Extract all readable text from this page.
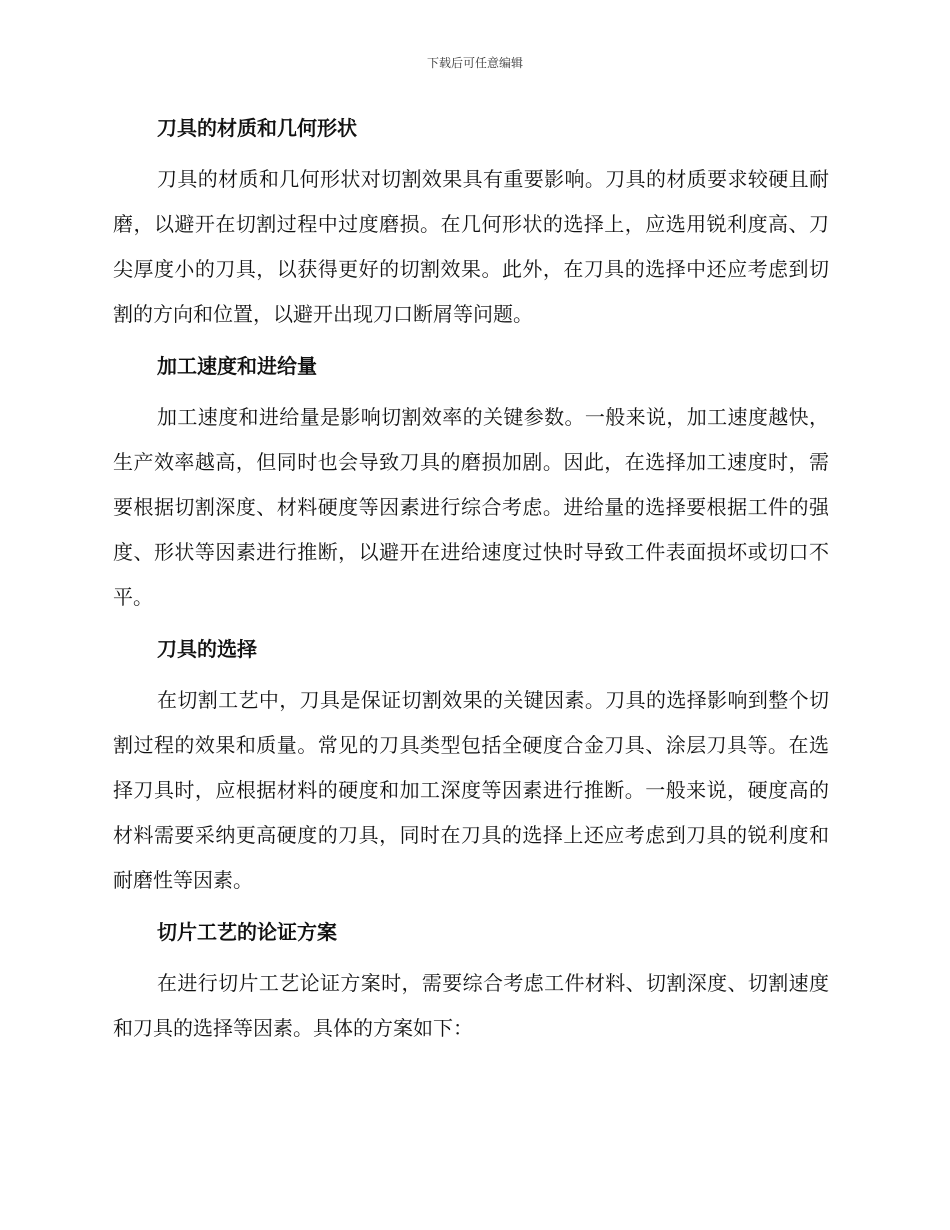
下载后可任意编辑
刀具的材质和几何形状

刀具的材质和几何形状对切割效果具有重要影响。刀具的材质要求较硬且耐磨，以避开在切割过程中过度磨损。在几何形状的选择上，应选用锐利度高、刀尖厚度小的刀具，以获得更好的切割效果。此外，在刀具的选择中还应考虑到切割的方向和位置，以避开出现刀口断屑等问题。

加工速度和进给量

加工速度和进给量是影响切割效率的关键参数。一般来说，加工速度越快，生产效率越高，但同时也会导致刀具的磨损加剧。因此，在选择加工速度时，需要根据切割深度、材料硬度等因素进行综合考虑。进给量的选择要根据工件的强度、形状等因素进行推断，以避开在进给速度过快时导致工件表面损坏或切口不平。

刀具的选择

在切割工艺中，刀具是保证切割效果的关键因素。刀具的选择影响到整个切割过程的效果和质量。常见的刀具类型包括全硬度合金刀具、涂层刀具等。在选择刀具时，应根据材料的硬度和加工深度等因素进行推断。一般来说，硬度高的材料需要采纳更高硬度的刀具，同时在刀具的选择上还应考虑到刀具的锐利度和耐磨性等因素。

切片工艺的论证方案

在进行切片工艺论证方案时，需要综合考虑工件材料、切割深度、切割速度和刀具的选择等因素。具体的方案如下：
